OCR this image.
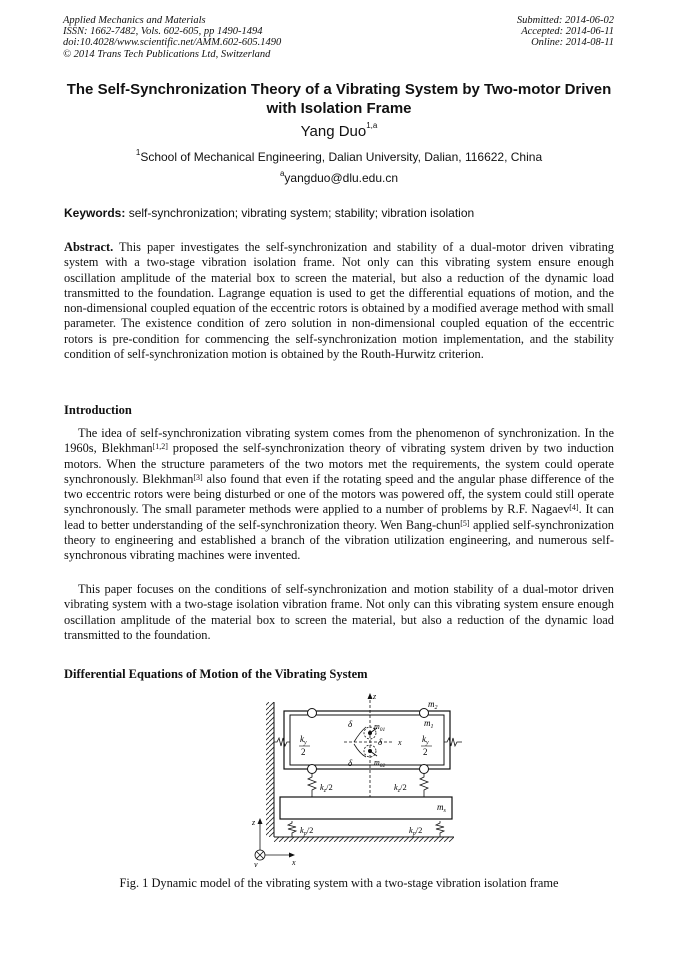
Applied Mechanics and Materials
ISSN: 1662-7482, Vols. 602-605, pp 1490-1494
doi:10.4028/www.scientific.net/AMM.602-605.1490
© 2014 Trans Tech Publications Ltd, Switzerland
Submitted: 2014-06-02
Accepted: 2014-06-11
Online: 2014-08-11
The Self-Synchronization Theory of a Vibrating System by Two-motor Driven with Isolation Frame
Yang Duo$^{1,a}$
$^1$School of Mechanical Engineering, Dalian University, Dalian, 116622, China
$^a$yangduo@dlu.edu.cn
Keywords: self-synchronization; vibrating system; stability; vibration isolation
Abstract. This paper investigates the self-synchronization and stability of a dual-motor driven vibrating system with a two-stage vibration isolation frame. Not only can this vibrating system ensure enough oscillation amplitude of the material box to screen the material, but also a reduction of the dynamic load transmitted to the foundation. Lagrange equation is used to get the differential equations of motion, and the non-dimensional coupled equation of the eccentric rotors is obtained by a modified average method with small parameter. The existence condition of zero solution in non-dimensional coupled equation of the eccentric rotors is pre-condition for commencing the self-synchronization motion implementation, and the stability condition of self-synchronization motion is obtained by the Routh-Hurwitz criterion.
Introduction
The idea of self-synchronization vibrating system comes from the phenomenon of synchronization. In the 1960s, Blekhman[1,2] proposed the self-synchronization theory of vibrating system driven by two induction motors. When the structure parameters of the two motors met the requirements, the system could operate synchronously. Blekhman[3] also found that even if the rotating speed and the angular phase difference of the two eccentric rotors were being disturbed or one of the motors was powered off, the system could still operate synchronously. The small parameter methods were applied to a number of problems by R.F. Nagaev[4]. It can lead to better understanding of the self-synchronization theory. Wen Bang-chun[5] applied self-synchronization theory to engineering and established a branch of the vibration utilization engineering, and numerous self-synchronous vibrating machines were invented.
This paper focuses on the conditions of self-synchronization and motion stability of a dual-motor driven vibrating system with a two-stage isolation vibration frame. Not only can this vibrating system ensure enough oscillation amplitude of the material box to screen the material, but also a reduction of the dynamic load transmitted to the foundation.
Differential Equations of Motion of the Vibrating System
z
$m_2$
$m_1$
x
δ
δ
δ
$m_{01}$
$m_{02}$
$k_y$
2
$k_y$
2
$k_z/2$	$k_z/2$
$m_s$
$k_p/2$	$k_p/2$
z
y	x
Fig. 1 Dynamic model of the vibrating system with a two-stage vibration isolation frame
